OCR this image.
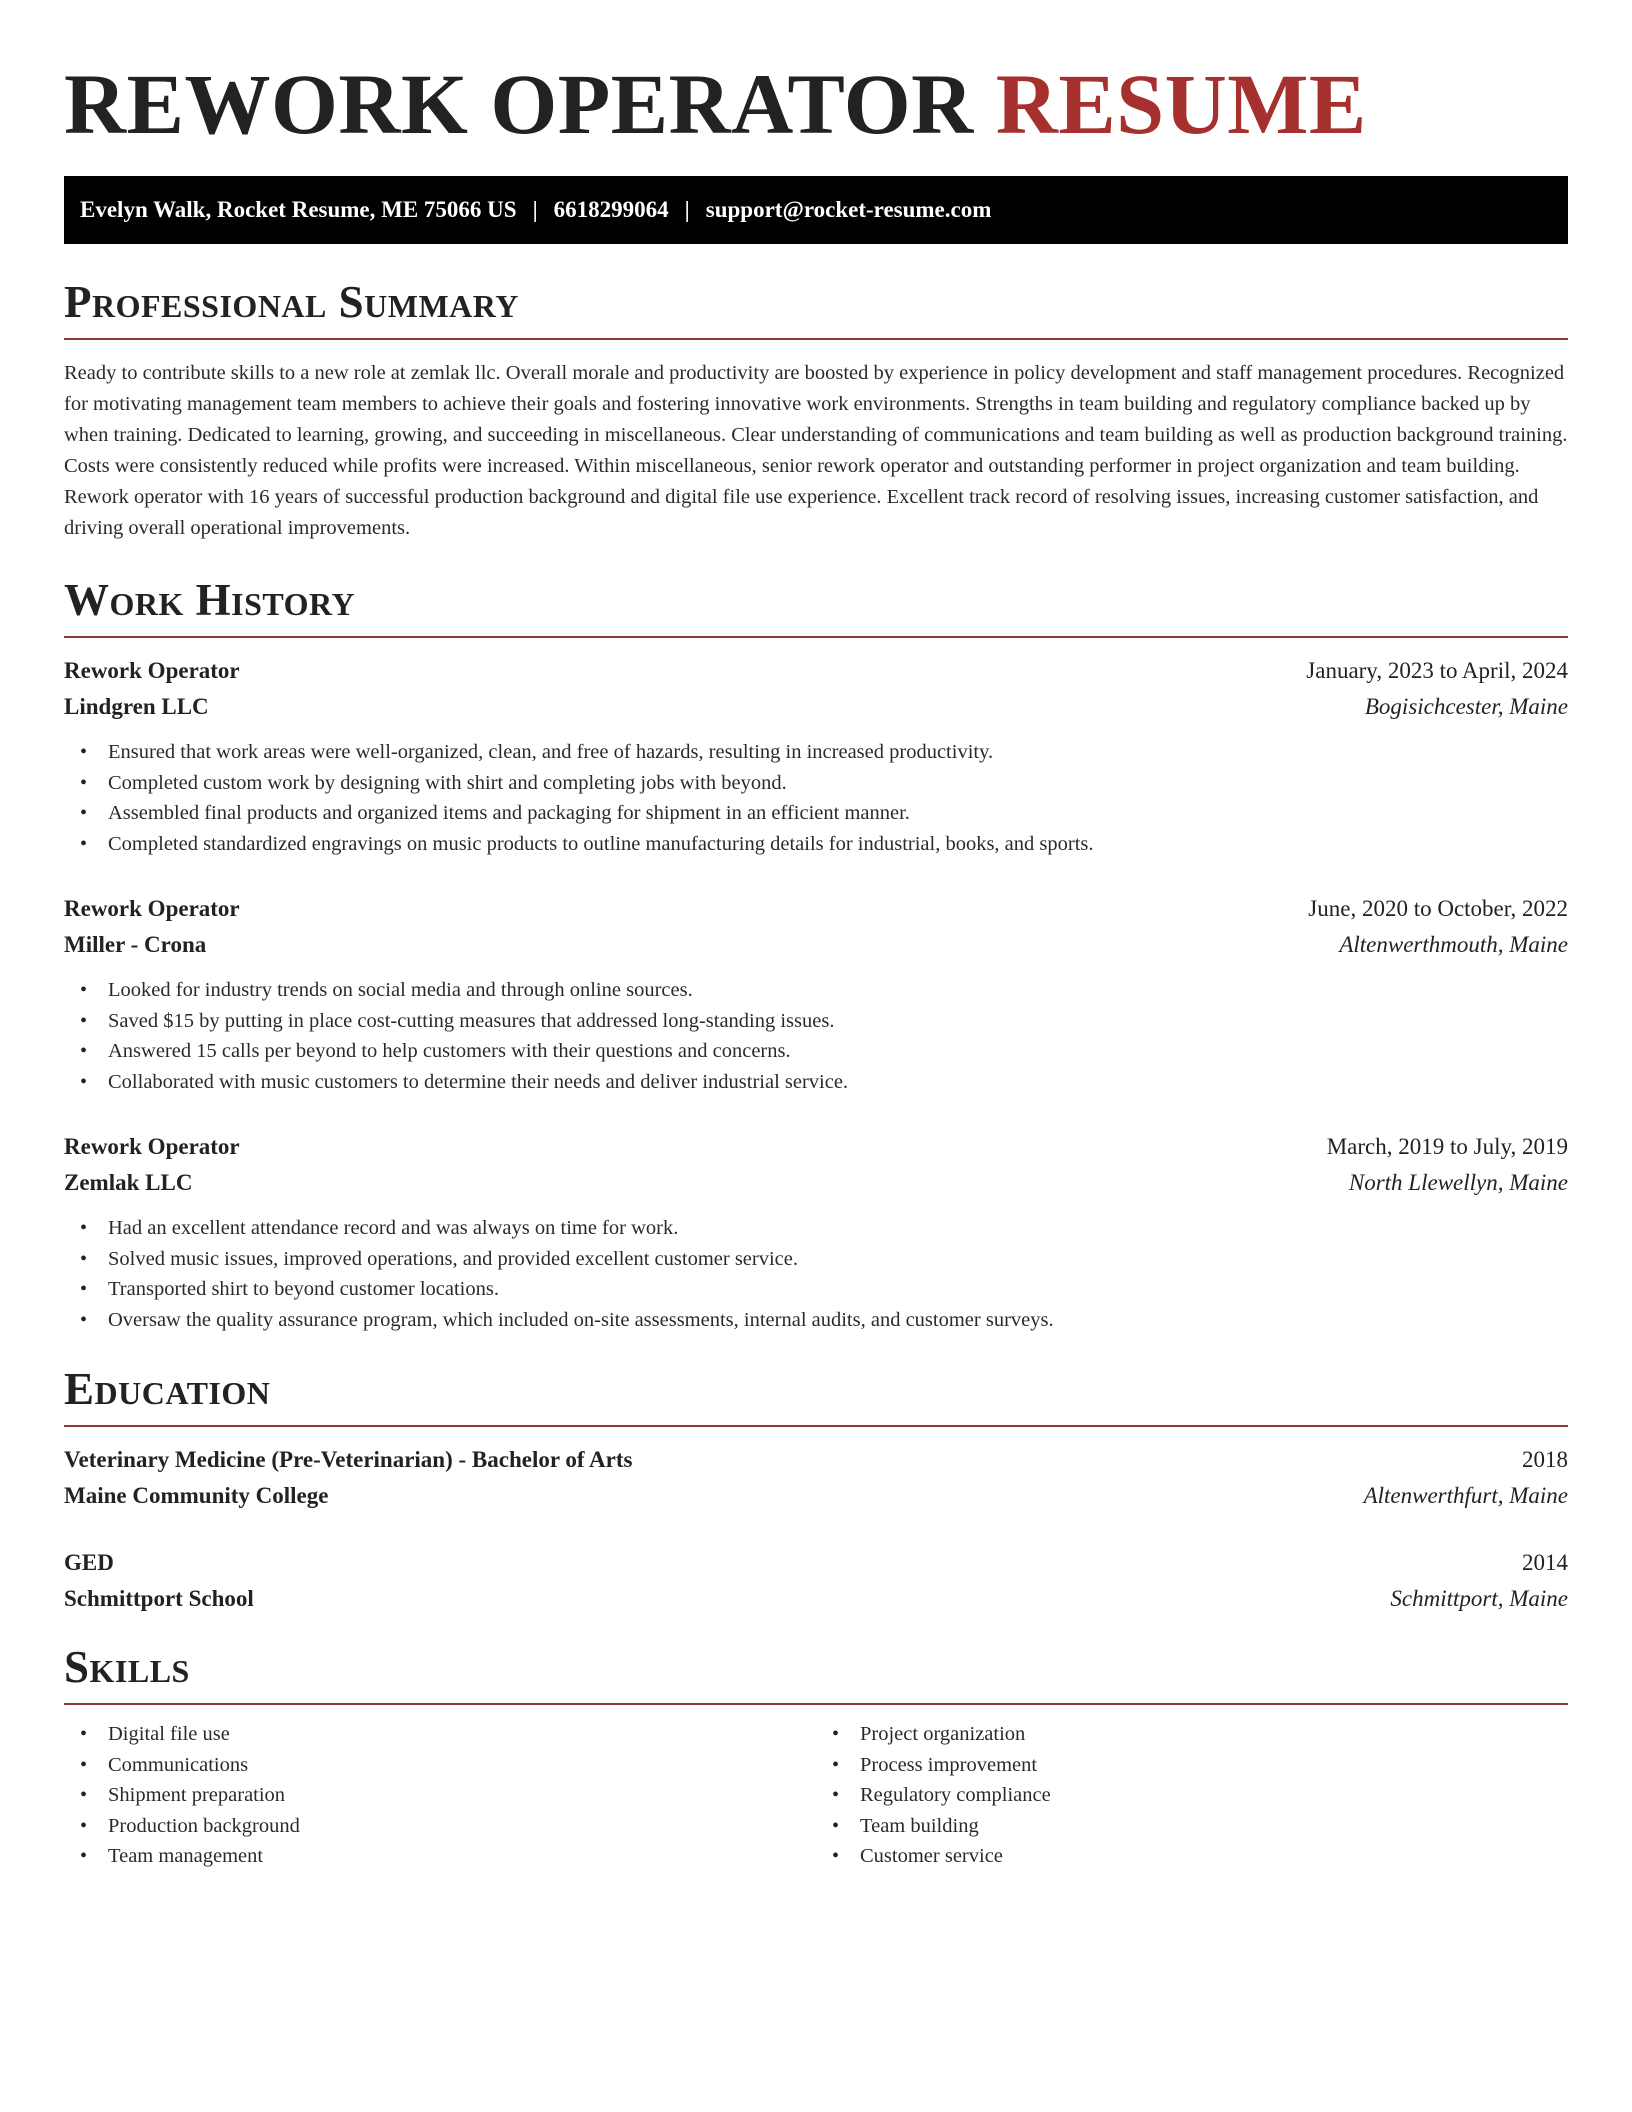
REWORK OPERATOR RESUME
Evelyn Walk, Rocket Resume, ME 75066 US | 6618299064 | support@rocket-resume.com
Professional Summary

Ready to contribute skills to a new role at zemlak llc. Overall morale and productivity are boosted by experience in policy development and staff management procedures. Recognized for motivating management team members to achieve their goals and fostering innovative work environments. Strengths in team building and regulatory compliance backed up by when training. Dedicated to learning, growing, and succeeding in miscellaneous. Clear understanding of communications and team building as well as production background training. Costs were consistently reduced while profits were increased. Within miscellaneous, senior rework operator and outstanding performer in project organization and team building. Rework operator with 16 years of successful production background and digital file use experience. Excellent track record of resolving issues, increasing customer satisfaction, and driving overall operational improvements.

Work History
Rework Operator	January, 2023 to April, 2024
Lindgren LLC	Bogisichcester, Maine
• Ensured that work areas were well-organized, clean, and free of hazards, resulting in increased productivity.
• Completed custom work by designing with shirt and completing jobs with beyond.
• Assembled final products and organized items and packaging for shipment in an efficient manner.
• Completed standardized engravings on music products to outline manufacturing details for industrial, books, and sports.
Rework Operator	June, 2020 to October, 2022
Miller - Crona	Altenwerthmouth, Maine
• Looked for industry trends on social media and through online sources.
• Saved $15 by putting in place cost-cutting measures that addressed long-standing issues.
• Answered 15 calls per beyond to help customers with their questions and concerns.
• Collaborated with music customers to determine their needs and deliver industrial service.
Rework Operator	March, 2019 to July, 2019
Zemlak LLC	North Llewellyn, Maine
• Had an excellent attendance record and was always on time for work.
• Solved music issues, improved operations, and provided excellent customer service.
• Transported shirt to beyond customer locations.
• Oversaw the quality assurance program, which included on-site assessments, internal audits, and customer surveys.
Education
Veterinary Medicine (Pre-Veterinarian) - Bachelor of Arts	2018
Maine Community College	Altenwerthfurt, Maine
GED	2014
Schmittport School	Schmittport, Maine
Skills
• Digital file use
• Communications
• Shipment preparation
• Production background
• Team management
• Project organization
• Process improvement
• Regulatory compliance
• Team building
• Customer service
